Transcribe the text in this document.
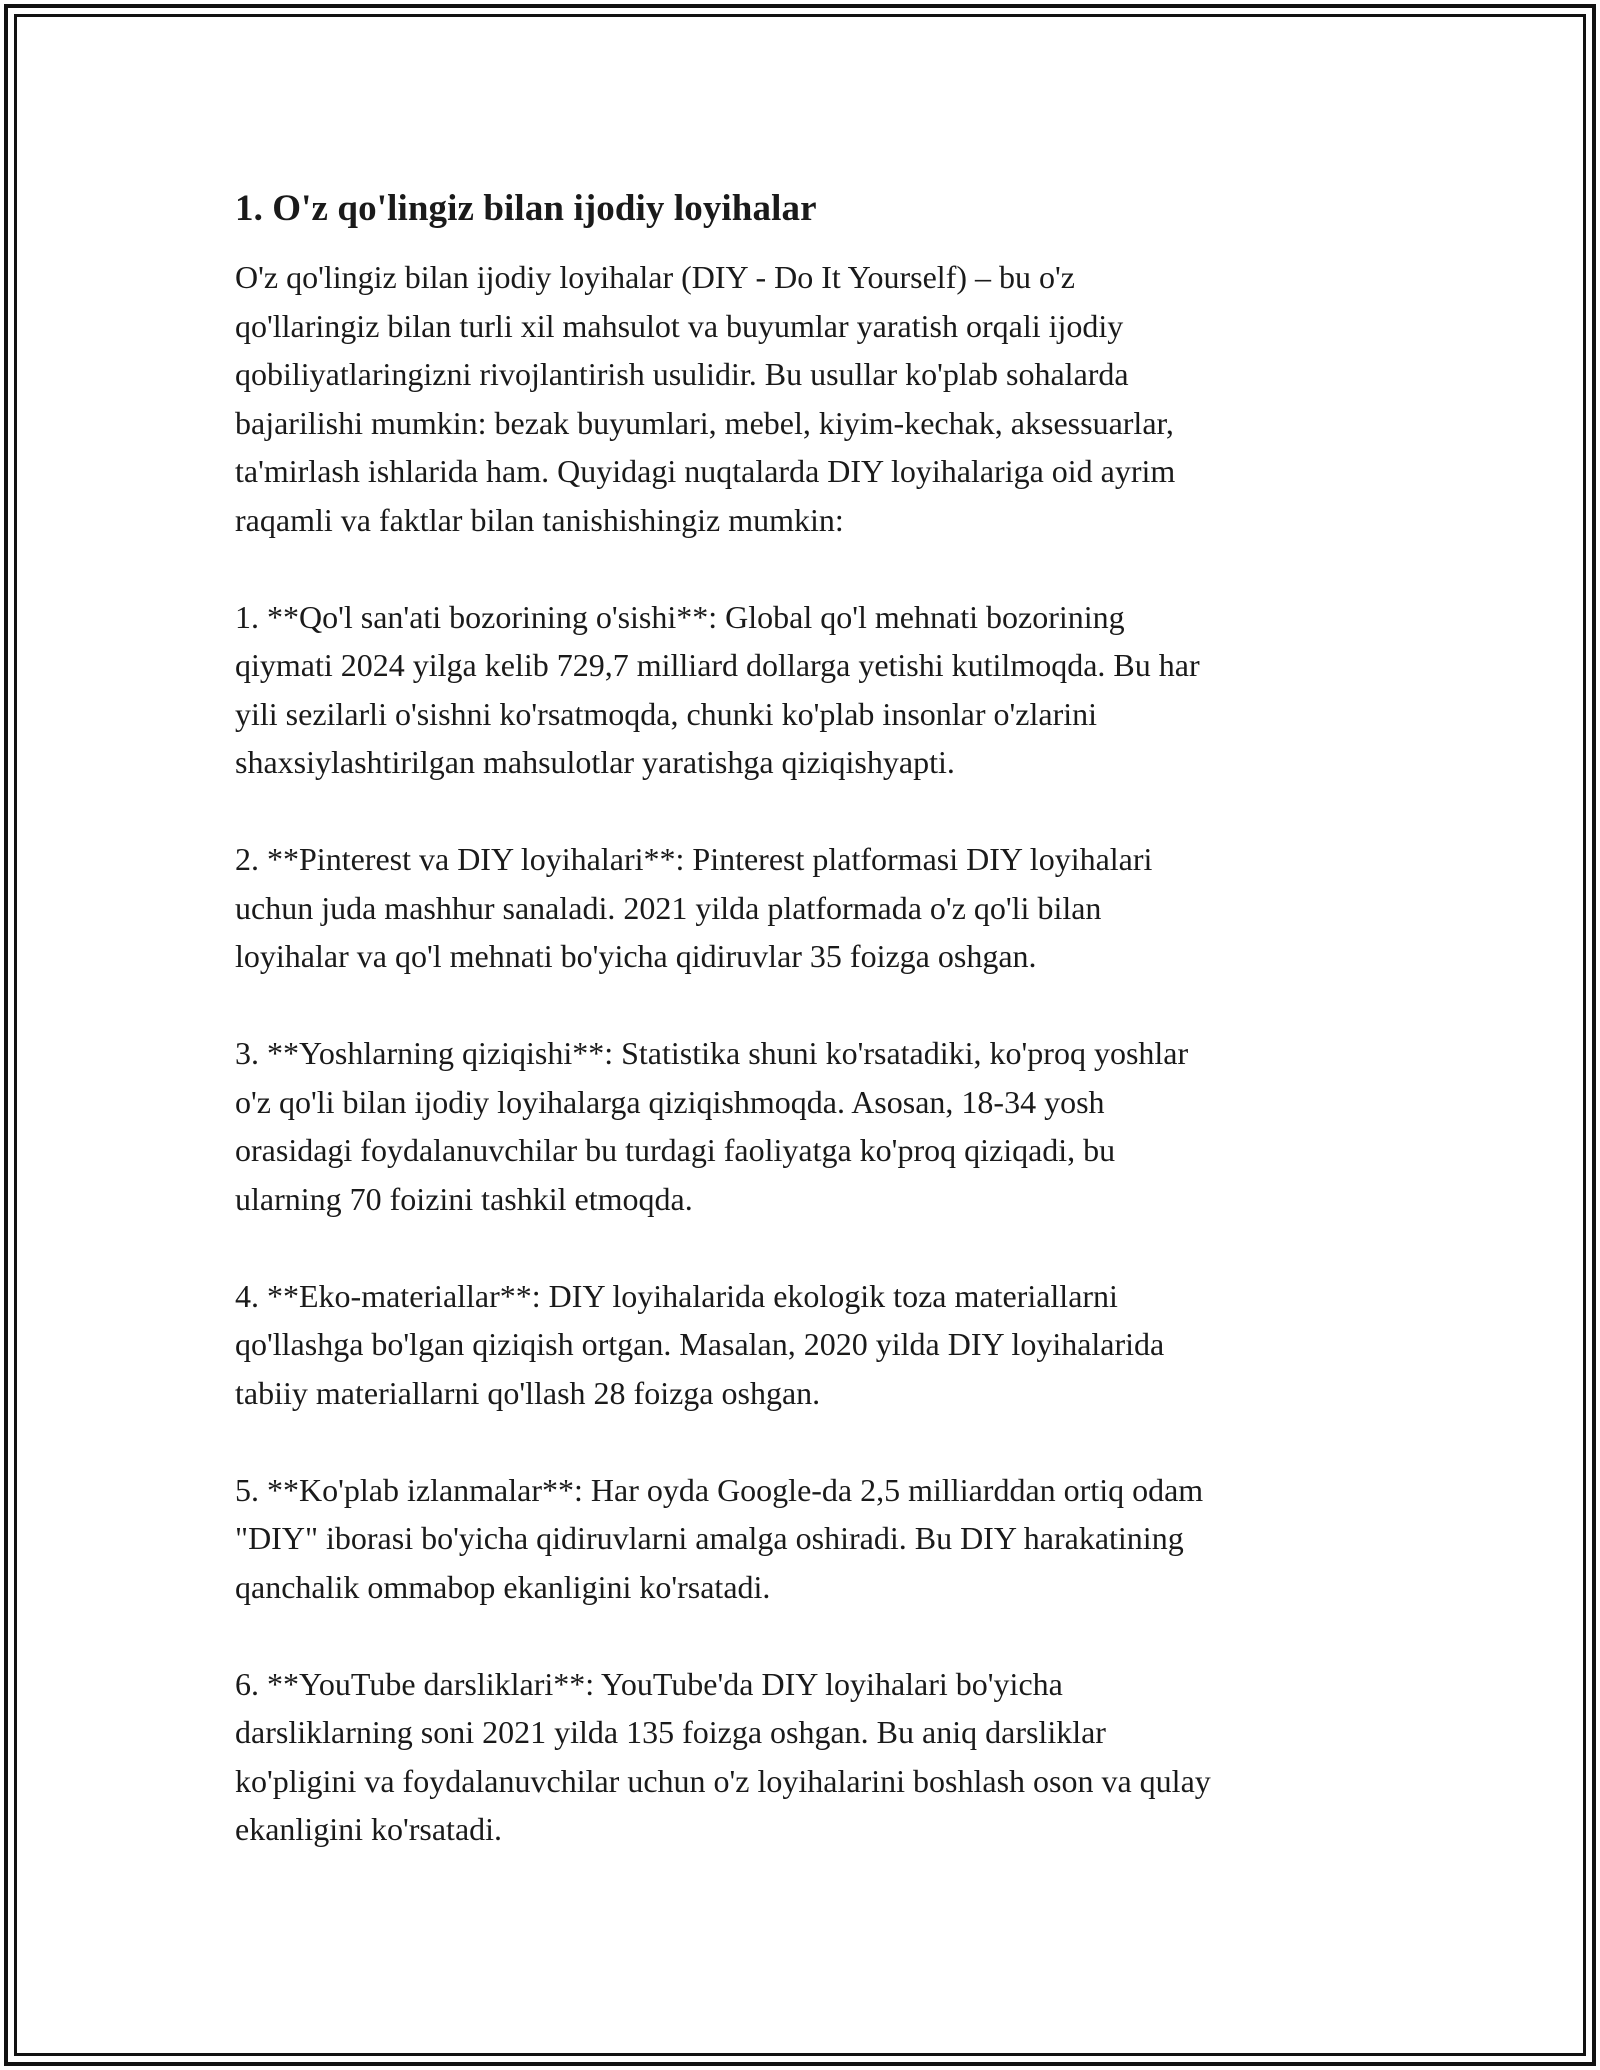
1. O'z qo'lingiz bilan ijodiy loyihalar

O'z qo'lingiz bilan ijodiy loyihalar (DIY - Do It Yourself) – bu o'z
qo'llaringiz bilan turli xil mahsulot va buyumlar yaratish orqali ijodiy
qobiliyatlaringizni rivojlantirish usulidir. Bu usullar ko'plab sohalarda
bajarilishi mumkin: bezak buyumlari, mebel, kiyim-kechak, aksessuarlar,
ta'mirlash ishlarida ham. Quyidagi nuqtalarda DIY loyihalariga oid ayrim
raqamli va faktlar bilan tanishishingiz mumkin:

1. **Qo'l san'ati bozorining o'sishi**: Global qo'l mehnati bozorining
qiymati 2024 yilga kelib 729,7 milliard dollarga yetishi kutilmoqda. Bu har
yili sezilarli o'sishni ko'rsatmoqda, chunki ko'plab insonlar o'zlarini
shaxsiylashtirilgan mahsulotlar yaratishga qiziqishyapti.

2. **Pinterest va DIY loyihalari**: Pinterest platformasi DIY loyihalari
uchun juda mashhur sanaladi. 2021 yilda platformada o'z qo'li bilan
loyihalar va qo'l mehnati bo'yicha qidiruvlar 35 foizga oshgan.

3. **Yoshlarning qiziqishi**: Statistika shuni ko'rsatadiki, ko'proq yoshlar
o'z qo'li bilan ijodiy loyihalarga qiziqishmoqda. Asosan, 18-34 yosh
orasidagi foydalanuvchilar bu turdagi faoliyatga ko'proq qiziqadi, bu
ularning 70 foizini tashkil etmoqda.

4. **Eko-materiallar**: DIY loyihalarida ekologik toza materiallarni
qo'llashga bo'lgan qiziqish ortgan. Masalan, 2020 yilda DIY loyihalarida
tabiiy materiallarni qo'llash 28 foizga oshgan.

5. **Ko'plab izlanmalar**: Har oyda Google-da 2,5 milliarddan ortiq odam
"DIY" iborasi bo'yicha qidiruvlarni amalga oshiradi. Bu DIY harakatining
qanchalik ommabop ekanligini ko'rsatadi.

6. **YouTube darsliklari**: YouTube'da DIY loyihalari bo'yicha
darsliklarning soni 2021 yilda 135 foizga oshgan. Bu aniq darsliklar
ko'pligini va foydalanuvchilar uchun o'z loyihalarini boshlash oson va qulay
ekanligini ko'rsatadi.
